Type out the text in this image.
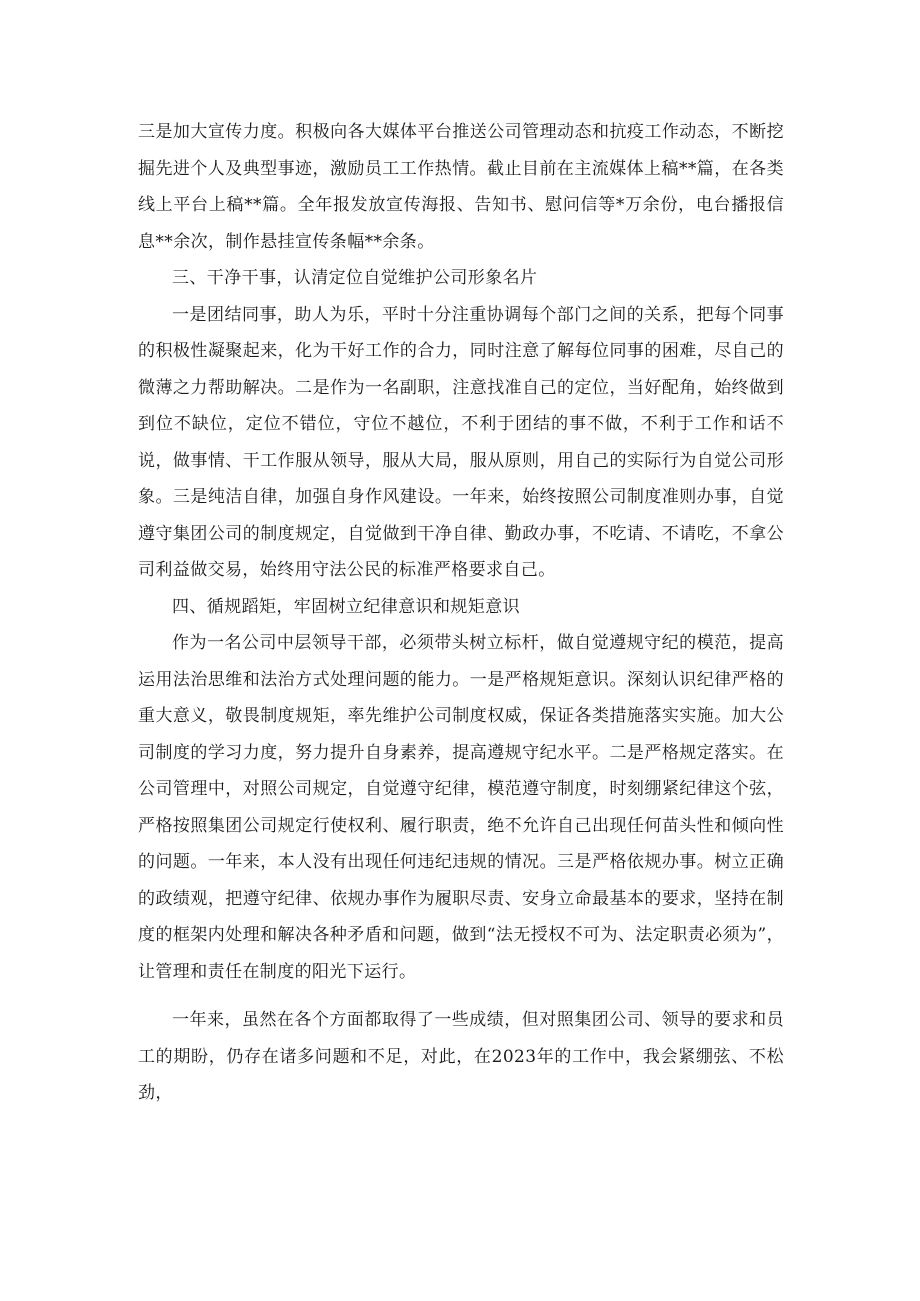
三是加大宣传力度。积极向各大媒体平台推送公司管理动态和抗疫工作动态，不断挖掘先进个人及典型事迹，激励员工工作热情。截止目前在主流媒体上稿**篇，在各类线上平台上稿**篇。全年报发放宣传海报、告知书、慰问信等*万余份，电台播报信息**余次，制作悬挂宣传条幅**余条。

三、干净干事，认清定位自觉维护公司形象名片

一是团结同事，助人为乐，平时十分注重协调每个部门之间的关系，把每个同事的积极性凝聚起来，化为干好工作的合力，同时注意了解每位同事的困难，尽自己的微薄之力帮助解决。二是作为一名副职，注意找准自己的定位，当好配角，始终做到到位不缺位，定位不错位，守位不越位，不利于团结的事不做，不利于工作和话不说，做事情、干工作服从领导，服从大局，服从原则，用自己的实际行为自觉公司形象。三是纯洁自律，加强自身作风建设。一年来，始终按照公司制度准则办事，自觉遵守集团公司的制度规定，自觉做到干净自律、勤政办事，不吃请、不请吃，不拿公司利益做交易，始终用守法公民的标准严格要求自己。

四、循规蹈矩，牢固树立纪律意识和规矩意识

作为一名公司中层领导干部，必须带头树立标杆，做自觉遵规守纪的模范，提高运用法治思维和法治方式处理问题的能力。一是严格规矩意识。深刻认识纪律严格的重大意义，敬畏制度规矩，率先维护公司制度权威，保证各类措施落实实施。加大公司制度的学习力度，努力提升自身素养，提高遵规守纪水平。二是严格规定落实。在公司管理中，对照公司规定，自觉遵守纪律，模范遵守制度，时刻绷紧纪律这个弦，严格按照集团公司规定行使权利、履行职责，绝不允许自己出现任何苗头性和倾向性的问题。一年来，本人没有出现任何违纪违规的情况。三是严格依规办事。树立正确的政绩观，把遵守纪律、依规办事作为履职尽责、安身立命最基本的要求，坚持在制度的框架内处理和解决各种矛盾和问题，做到“法无授权不可为、法定职责必须为”，让管理和责任在制度的阳光下运行。

一年来，虽然在各个方面都取得了一些成绩，但对照集团公司、领导的要求和员工的期盼，仍存在诸多问题和不足，对此，在2023年的工作中，我会紧绷弦、不松劲，
